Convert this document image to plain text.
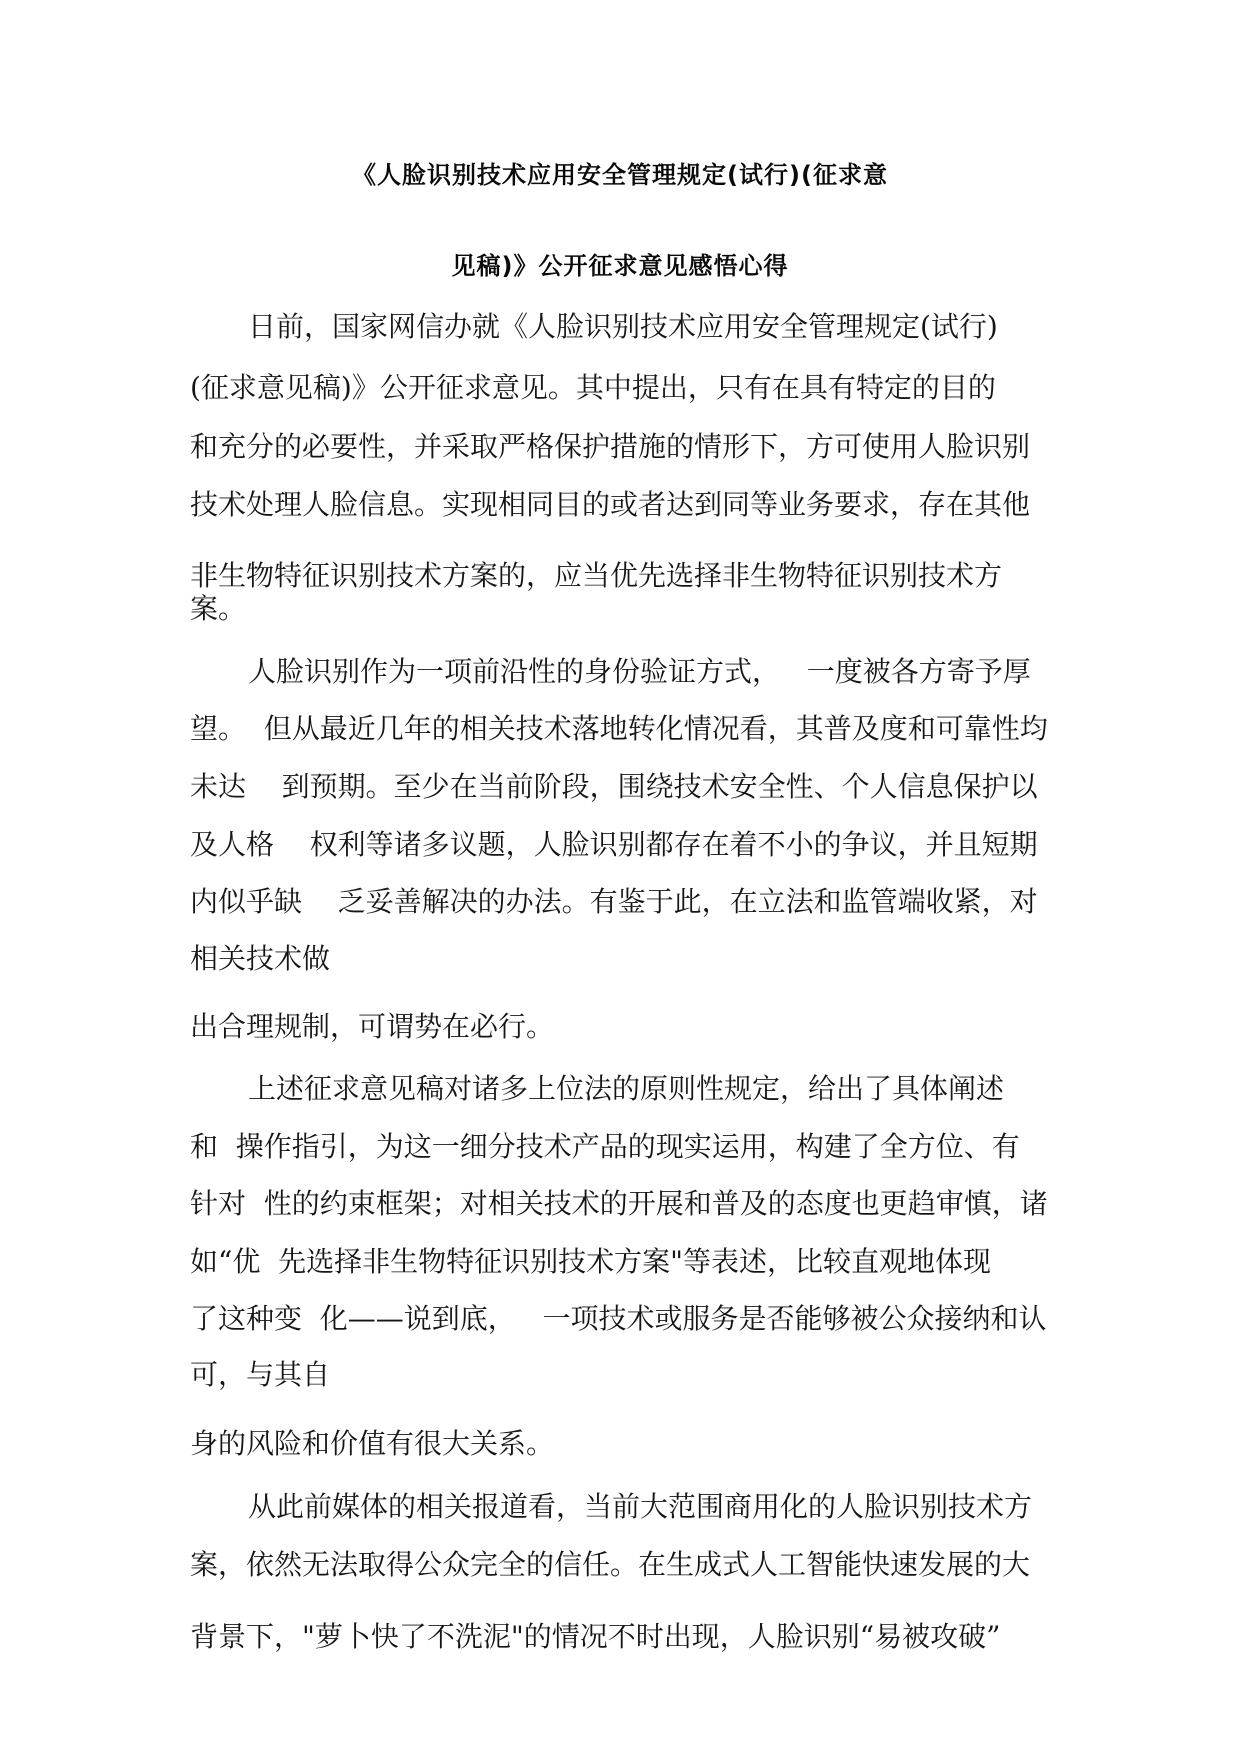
《人脸识别技术应用安全管理规定(试行)(征求意
见稿)》公开征求意见感悟心得
日前，国家网信办就《人脸识别技术应用安全管理规定(试行)
(征求意见稿)》公开征求意见。其中提出，只有在具有特定的目的
和充分的必要性，并采取严格保护措施的情形下，方可使用人脸识别
技术处理人脸信息。实现相同目的或者达到同等业务要求，存在其他
非生物特征识别技术方案的，应当优先选择非生物特征识别技术方
案。
人脸识别作为一项前沿性的身份验证方式，   一度被各方寄予厚
望。  但从最近几年的相关技术落地转化情况看，其普及度和可靠性均
未达    到预期。至少在当前阶段，围绕技术安全性、个人信息保护以
及人格    权利等诸多议题，人脸识别都存在着不小的争议，并且短期
内似乎缺    乏妥善解决的办法。有鉴于此，在立法和监管端收紧，对
相关技术做
出合理规制，可谓势在必行。
上述征求意见稿对诸多上位法的原则性规定，给出了具体阐述
和  操作指引，为这一细分技术产品的现实运用，构建了全方位、有
针对  性的约束框架；对相关技术的开展和普及的态度也更趋审慎，诸
如“优  先选择非生物特征识别技术方案"等表述，比较直观地体现
了这种变  化——说到底，   一项技术或服务是否能够被公众接纳和认
可，与其自
身的风险和价值有很大关系。
从此前媒体的相关报道看，当前大范围商用化的人脸识别技术方
案，依然无法取得公众完全的信任。在生成式人工智能快速发展的大
背景下，"萝卜快了不洗泥"的情况不时出现，人脸识别“易被攻破”
